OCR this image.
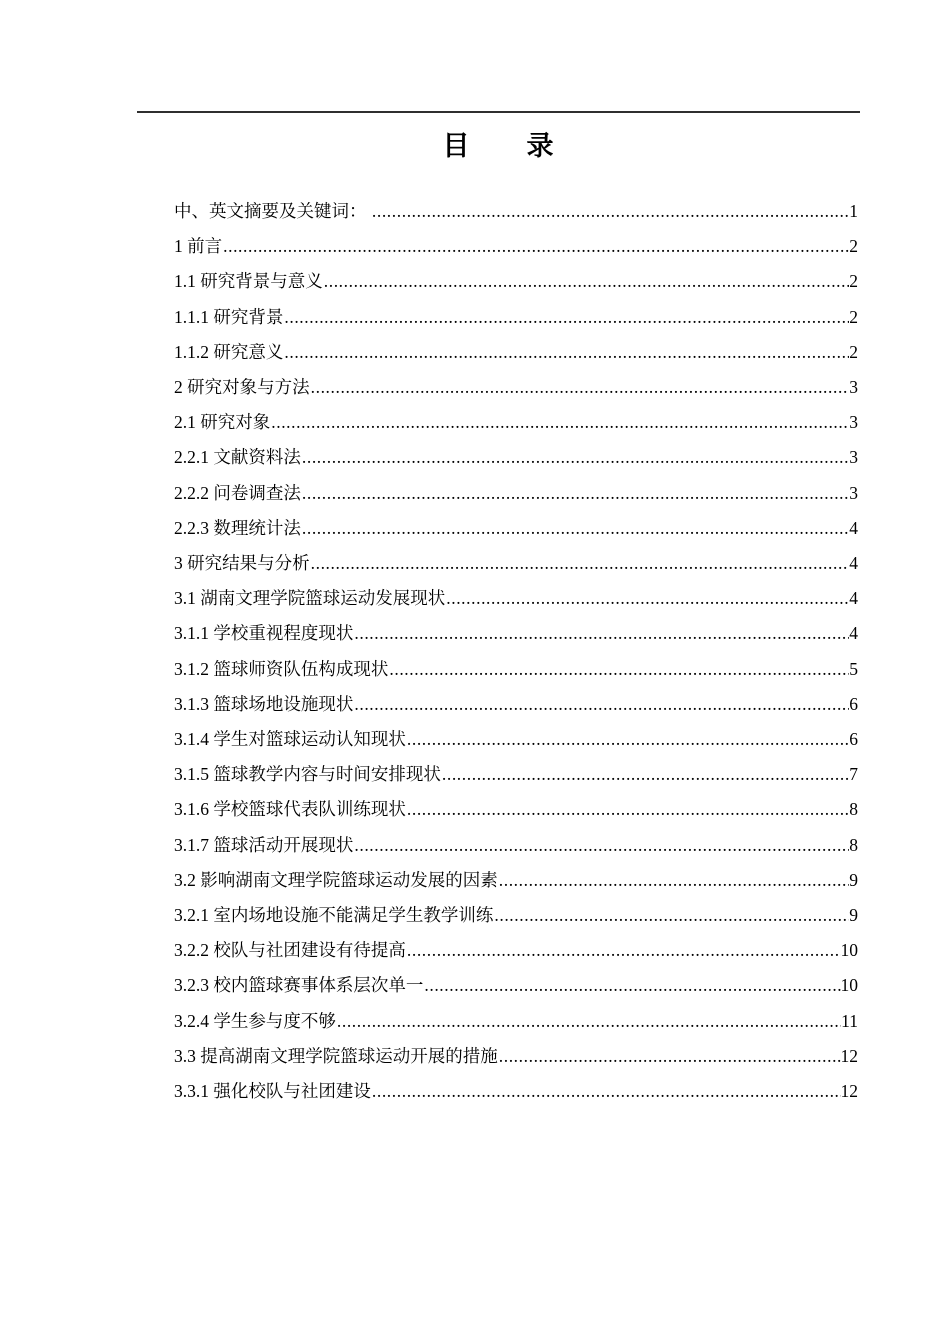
目　　录
中、英文摘要及关键词： .....	1
1 前言 .....	2
1.1 研究背景与意义 .....	2
1.1.1 研究背景 .....	2
1.1.2 研究意义 .....	2
2 研究对象与方法 .....	3
2.1 研究对象 .....	3
2.2.1 文献资料法 .....	3
2.2.2 问卷调查法 .....	3
2.2.3 数理统计法 .....	4
3 研究结果与分析 .....	4
3.1 湖南文理学院篮球运动发展现状 .....	4
3.1.1 学校重视程度现状 .....	4
3.1.2 篮球师资队伍构成现状 .....	5
3.1.3 篮球场地设施现状 .....	6
3.1.4 学生对篮球运动认知现状 .....	6
3.1.5 篮球教学内容与时间安排现状 .....	7
3.1.6 学校篮球代表队训练现状 .....	8
3.1.7 篮球活动开展现状 .....	8
3.2 影响湖南文理学院篮球运动发展的因素 .....	9
3.2.1 室内场地设施不能满足学生教学训练 .....	9
3.2.2 校队与社团建设有待提高 .....	10
3.2.3 校内篮球赛事体系层次单一 .....	10
3.2.4 学生参与度不够 .....	11
3.3 提高湖南文理学院篮球运动开展的措施 .....	12
3.3.1 强化校队与社团建设 .....	12
